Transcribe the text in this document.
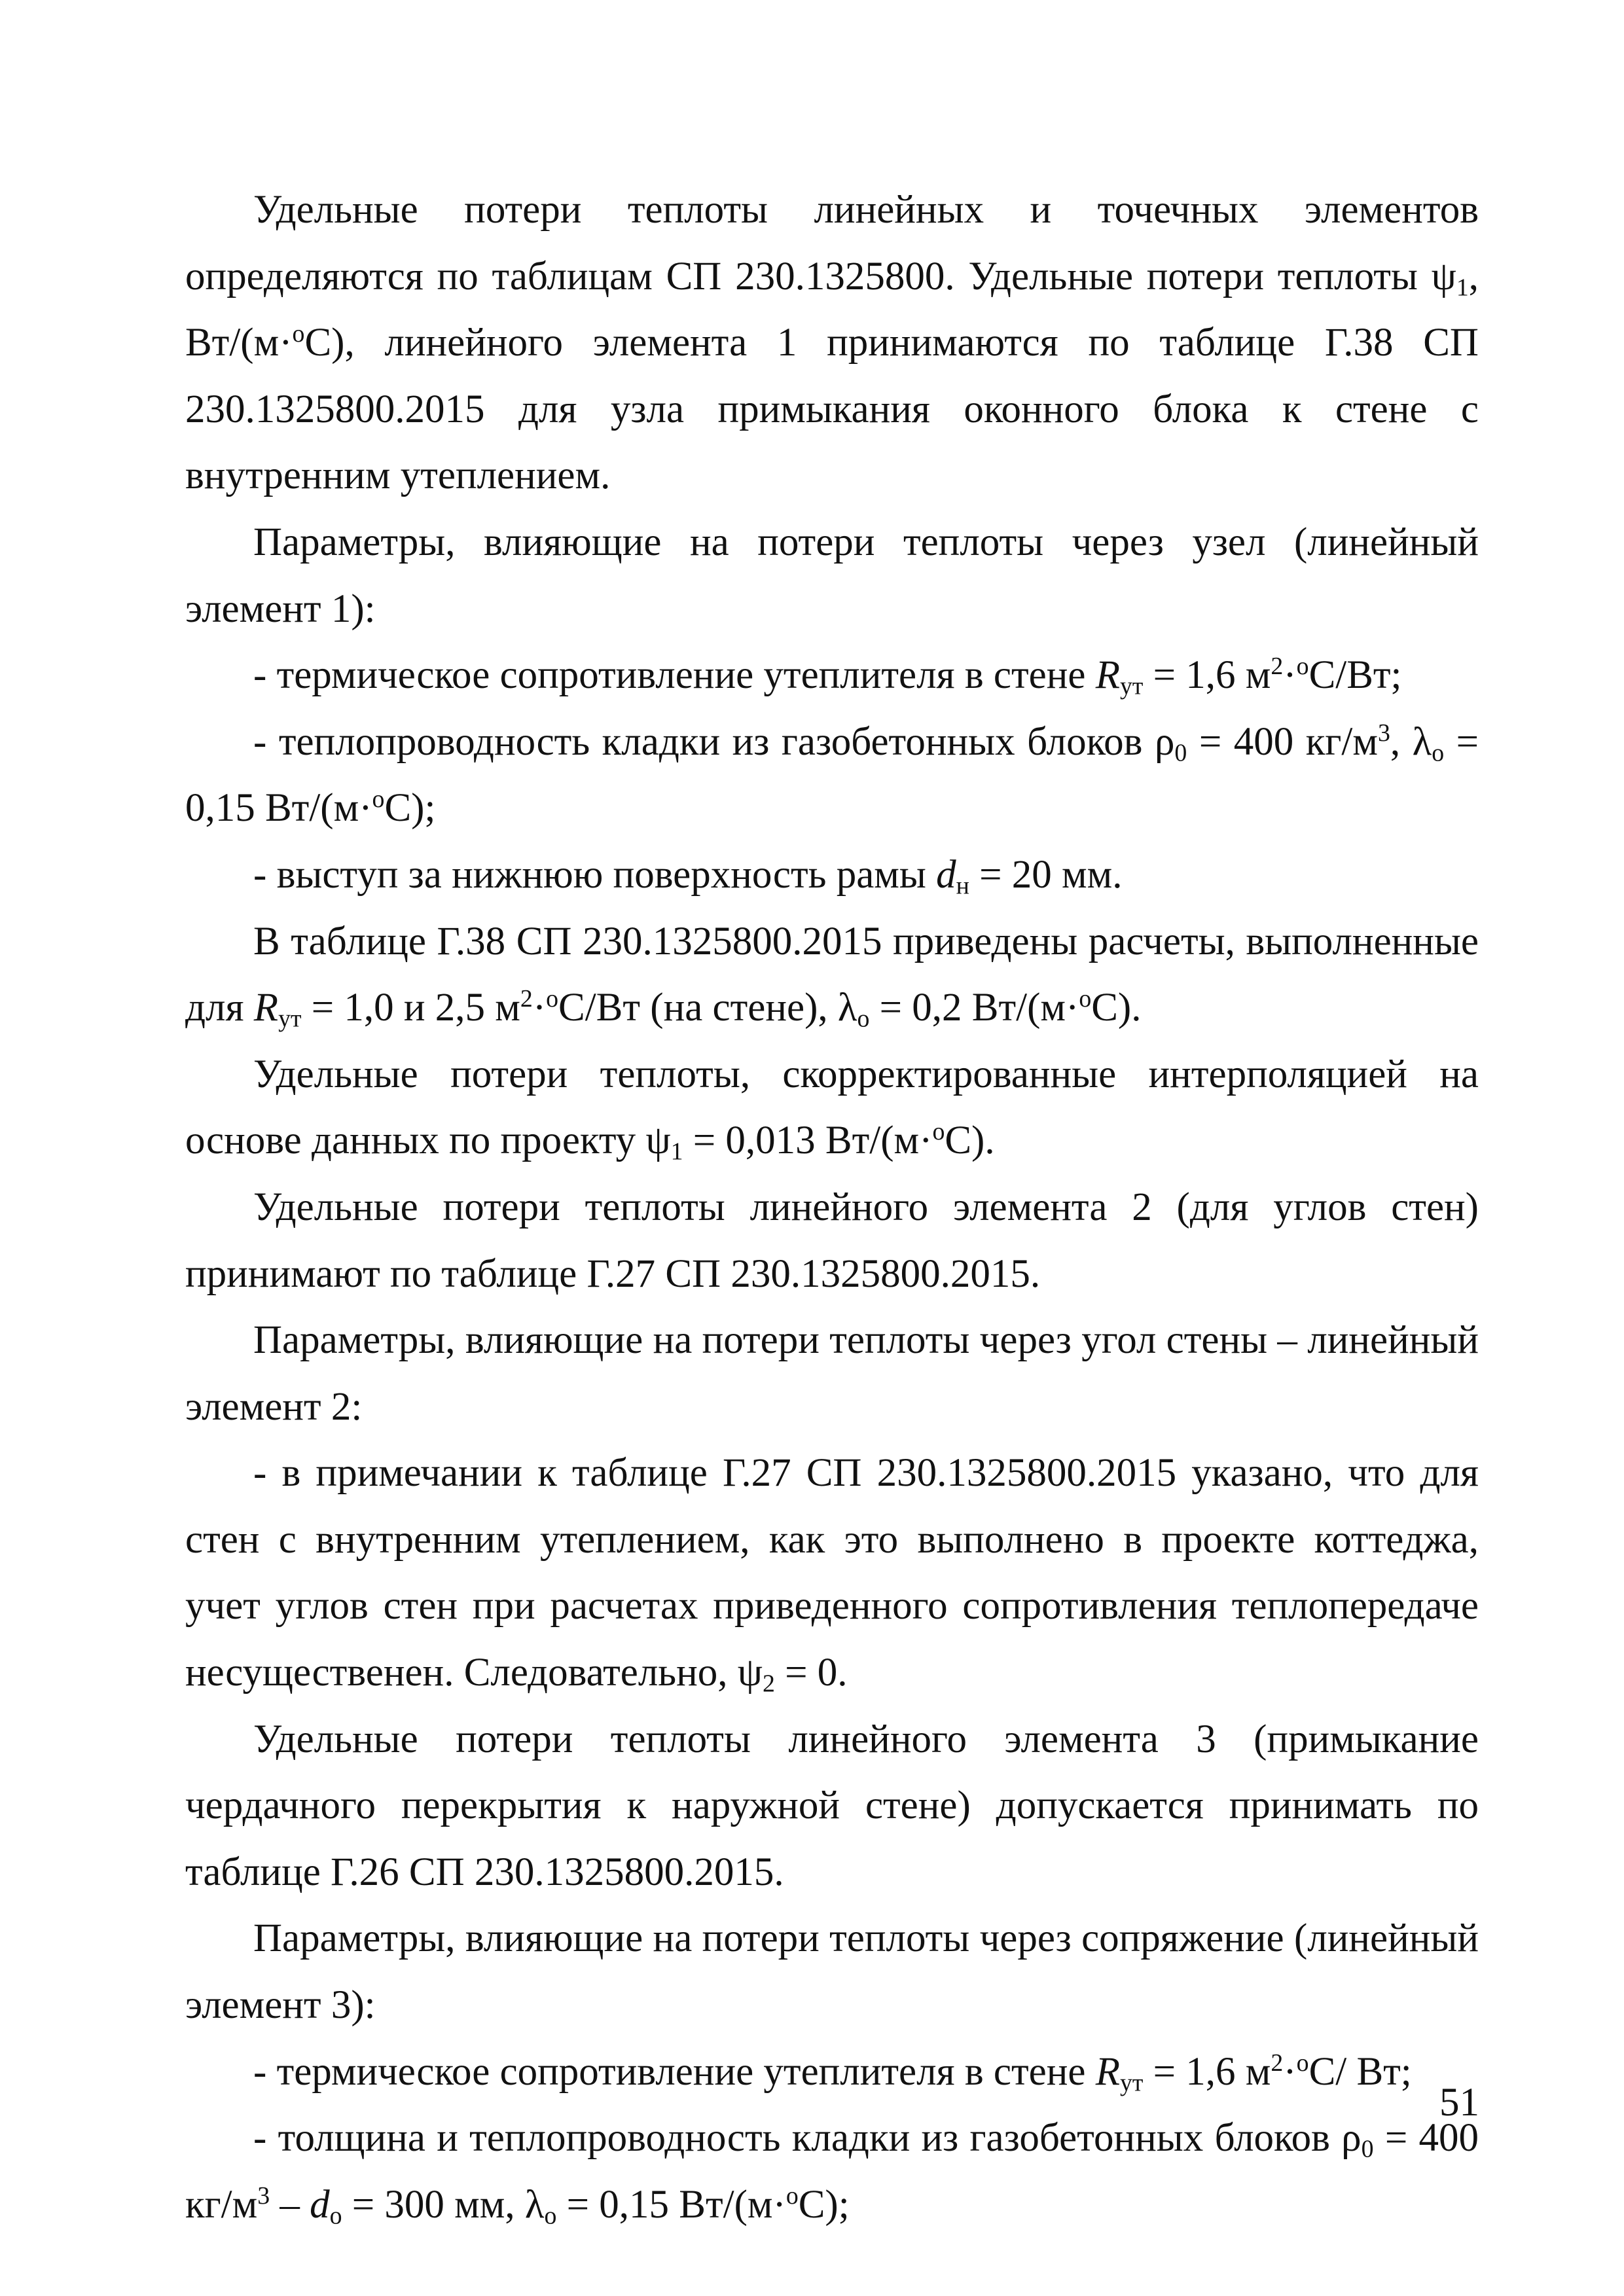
Удельные потери теплоты линейных и точечных элементов определяются по таблицам СП 230.1325800. Удельные потери теплоты $\psi_1$, Вт/(м·$^о$С), линейного элемента 1 принимаются по таблице Г.38 СП 230.1325800.2015 для узла примыкания оконного блока к стене с внутренним утеплением.

Параметры, влияющие на потери теплоты через узел (линейный элемент 1):

- термическое сопротивление утеплителя в стене $R_{ут} = 1,6$ $м^2\cdot^оС/Вт$;

- теплопроводность кладки из газобетонных блоков $\rho_0 = 400$ $кг/м^3$, $\lambda_о = 0,15$ Вт/(м·$^о$С);

- выступ за нижнюю поверхность рамы $d_н = 20$ мм.

В таблице Г.38 СП 230.1325800.2015 приведены расчеты, выполненные для $R_{ут} = 1,0$ и 2,5 $м^2\cdot^оС/Вт$ (на стене), $\lambda_о = 0,2$ Вт/(м·$^о$С).

Удельные потери теплоты, скорректированные интерполяцией на основе данных по проекту $\psi_1 = 0,013$ Вт/(м·$^о$С).

Удельные потери теплоты линейного элемента 2 (для углов стен) принимают по таблице Г.27 СП 230.1325800.2015.

Параметры, влияющие на потери теплоты через угол стены – линейный элемент 2:

- в примечании к таблице Г.27 СП 230.1325800.2015 указано, что для стен с внутренним утеплением, как это выполнено в проекте коттеджа, учет углов стен при расчетах приведенного сопротивления теплопередаче несущественен. Следовательно, $\psi_2 = 0$.

Удельные потери теплоты линейного элемента 3 (примыкание чердачного перекрытия к наружной стене) допускается принимать по таблице Г.26 СП 230.1325800.2015.

Параметры, влияющие на потери теплоты через сопряжение (линейный элемент 3):

- термическое сопротивление утеплителя в стене $R_{ут} = 1,6$ $м^2\cdot^оС/$ Вт;

- толщина и теплопроводность кладки из газобетонных блоков $\rho_0 = 400$ $кг/м^3 - d_о = 300$ мм, $\lambda_о = 0,15$ Вт/(м·$^о$С);

51
